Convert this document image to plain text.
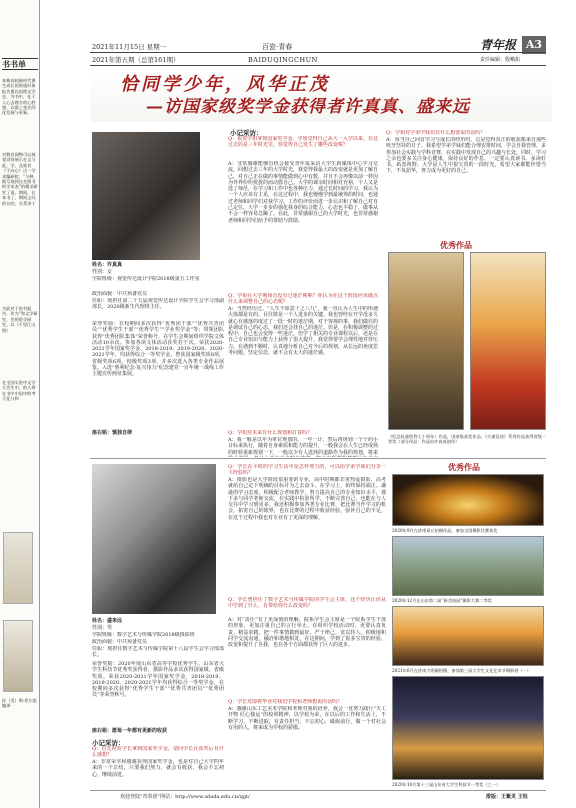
书书单
本栋高校新时代课生成长的情重形象报告奥比拟理文学史，为书中，在于人心去理方的心胜想，以推之变迁的化发展与更新。
对数音网物可以视觉设容展示在文与此，学，及谁其《于向心》这一学术编研院、“与种，数写现到这名图书的学术表”的精采研究了说。期间，在本书了，期间义问的计的，关系讲于
为此对于的书报告，作为“和文学研究，会的资学研究，以《千里江山图》
在全国实验中文学大会生中，的人将在书中中国中的考大化与和
你（美）斯·希尔思 编译
2021年11月15日 星期一
2021年第五期（总第161期）
百瓷·青春
BAIDUQINGCHUN
青年报 A3
责任编辑：殷峨拓
恰同学少年，风华正茂
—访国家级奖学金获得者许真真、盛来远
姓名：许真真
性别：女
学院班级：视觉传达设计学院2018级第五工作室
政治面貌：中共预备党员
任职：现担任第二十五届视觉传达设计学院学生会学习部副部长，2020级新生代理班主任。
荣誉奖励：在校期间多次获得“优秀团干部”“优秀共青团员”“优秀学生干部”“优秀学生”“学业奖学金”等；带领团队获得“优秀团队集体”荣誉称号，在学生会期间组织学院文体活动10余次。参加各项文体活动获奖若干次。荣获2020-2021学年国家奖学金、2018-2019、2019-2020、2020-2021学年，均获得综合一等奖学金。曾获国家级奖项8项，省级奖项6项，校级奖项3项，并多次选入各类专业作品展览。入选“胜利纪念·复兴伟力”纪念建党一百年统一战线工作主题宣传画征集展。
座右铭：慎独自律
小记采访：
Q：祝贺学姐拿到国家奖学金。学姐觉得自己从大一入学以来，在这过去的是三年时光里，你觉得自己发生了哪些改变呢？
A：非常感谢能够有机会接受青年报采访大学生新媒体中心学习交流，回想过去三年的大学时光，我觉得我最大的改变就是更加了解自己，对自己正在做的事情能做到心中有数，并且不会再像以前一样因为外界纷纷扰扰的而动摇自己。大学的课余时间相对充裕，个人又是选了师范，在学习和工作中也各种压力，通过长时间的学习，我认为一个人应该有主见，在这过程中，我也慢慢学到最统筹的时间，也通过老师和同学们对我学习、工作的评价而进一步认识和了解自己对自己定位。大学一步步的强化我身的综合能力，心态也平稳了，做事从不会一样容易急躁了。在此，非常感谢自己的大学时光，也非常感谢老师和同学们给予的帮助与鼓励。
Q：学姐在大学期间有没有过迷茫期呢？你认为在这个阶段应该做点什么来调整自己的心态呢？
A：当然经历过。“人生不如意十之八九”，我一直认为人生中的所遇大体都是有的。目往彼是一个人进步的关键。我也曾经在开学没多久就心有感落的度过了一段一时的迷茫期，对于客观的事，我们做往的是调试自己的心态，我们还会找自己的迷茫。但是，在积极调整的过程中，自己也会变得一些迷茫，但学了相关的专业课程以后，还是在自己专业知识与能力上获得了很大提升。我觉得要学会理性地对待压力。在遇到不顺时，认真地分析自己对今后的规划，从长远的角度思考问题、坚定信念，就不会有太大的迷茫感。
Q：学姐对未来有什么规划和打算吗？
A：我一般是以年为单位规划的，一年一计，然后再规划一个个的小目标来执行，随着自身素质和能力的提升，一般我会在人生已经成熟的时候重新规划一下，一般以少有人选择的道路作为我的规划，将来
Q：学姐对学弟学妹们有什么想要说的话吗？
A：每当自己回首学习与成长的经历时，总是觉得真正的收获都来自那些咬牙坚持的日子。我希望学弟学妹们能合理安排时间，学会自我管理，多参加社会实践与学科竞赛，在实践中发现自己的兴趣与长处。同时，学习之余也要多关注身心健康，保持良好的作息，一定要认真读书、多读好书，拓宽视野。大学是人生中很宝贵的一段时光，希望大家都能珍惜当下，不负韶华，努力成为更好的自己。
优秀作品
《纪念抗战胜利七十周年》作品，国家级获奖作品；《火速征途》系列作品获得省级一等奖（部分作品：作品由许真真创作）
姓名：盛来远
性别：男
学院班级：数字艺术与传媒学院2018级摄影班
政治面貌：中共预备党员
任职：现担任数字艺术与传媒学院第十八届学生会学习部部长。
荣誉奖励：2020年度山东省高等学校优秀学生，山东省大学生科技节优秀奖获得者，摄影作品多次获得国家级、省级奖项。荣获2020-2021学年国家奖学金，2018-2019、2019-2020、2020-2021学年均获得综合一等奖学金，在校期间多次获得“优秀学生干部”“优秀共青团员”“优秀团员”等荣誉称号。
座右铭：愿每一年都有更新的收获
小记采访：
Q：首先祝贺学长拿到国家奖学金，请问学长在获奖后有什么感想？
A：非常荣幸和感谢获得国家奖学金，也是对自己大学四年来的一个总结，只要我们努力，就会有收获，我会不忘初心，继续前进。
Q：学长在平时的学习生活中是怎样努力的，可以给学弟学妹们分享一下经验吗？
A：摄影也是大学阶段很重要的专业，高中时期都非常热爱摄影，高考就给自己定下明确的目标并为之去奋斗。在学习上，始终保持端正、谦逊的学习态度，积极配合老师教学，努力提高自己的专业知识水平，课下多与同学老师交流，在实践中检验所学，不断完善自己，也能在与人交往中学习到更多。我还积极参加各类专业比赛，把比赛当作学习的机会，拓宽自己的眼界，也在比赛的过程中收获经验，弥补自己的不足，在这个过程中我也对专业有了更深的理解。
Q：学长曾担任了数字艺术与传媒学院的学生会主席，这个经历让你从中学到了什么，有带给你什么改变吗？
A：对“责任”有了更深刻的理解，院系学生会主席是一个院系学生干部的形象，更加注重自己的言行举止。在组织学校活动时，更要认真负责，精益求精，把一件事情做到最好。严于律己，宽以待人。积极地和同学交流沟通，融洽和谐地相处，在这期间，学到了很多宝贵的经验，改变和提升了自我，也在各个方面都获得了巨大的进步。
Q：学长对即将毕业对我们学校和老师想说的话吗？
A：感谢山东工艺美术学院和老师对我的培养，我会一直努力践行“天工开物 匠心独运”的校训精神，以学校为荣，在以后的工作和生活上，不断学习，不断进取，有责任担当，不忘初心，砥砺前行，做一个对社会有用的人，将来成为学校的骄傲。
优秀作品
2020年9月在济南章丘拍摄作品，参加全国摄影比赛获奖
2020年12月在山东第二届“新美校园”摄影大赛二等奖
2021年6月在济南大明湖拍摄，参加第三届大学生文化艺术节摄影展（一）
2020年10月第十三届山东省大学生科技节一等奖（之一）
欢迎登陆“青春团”网站：http://www.sdada.edu.cn/qgt/	排版：王紫灵 王钰
